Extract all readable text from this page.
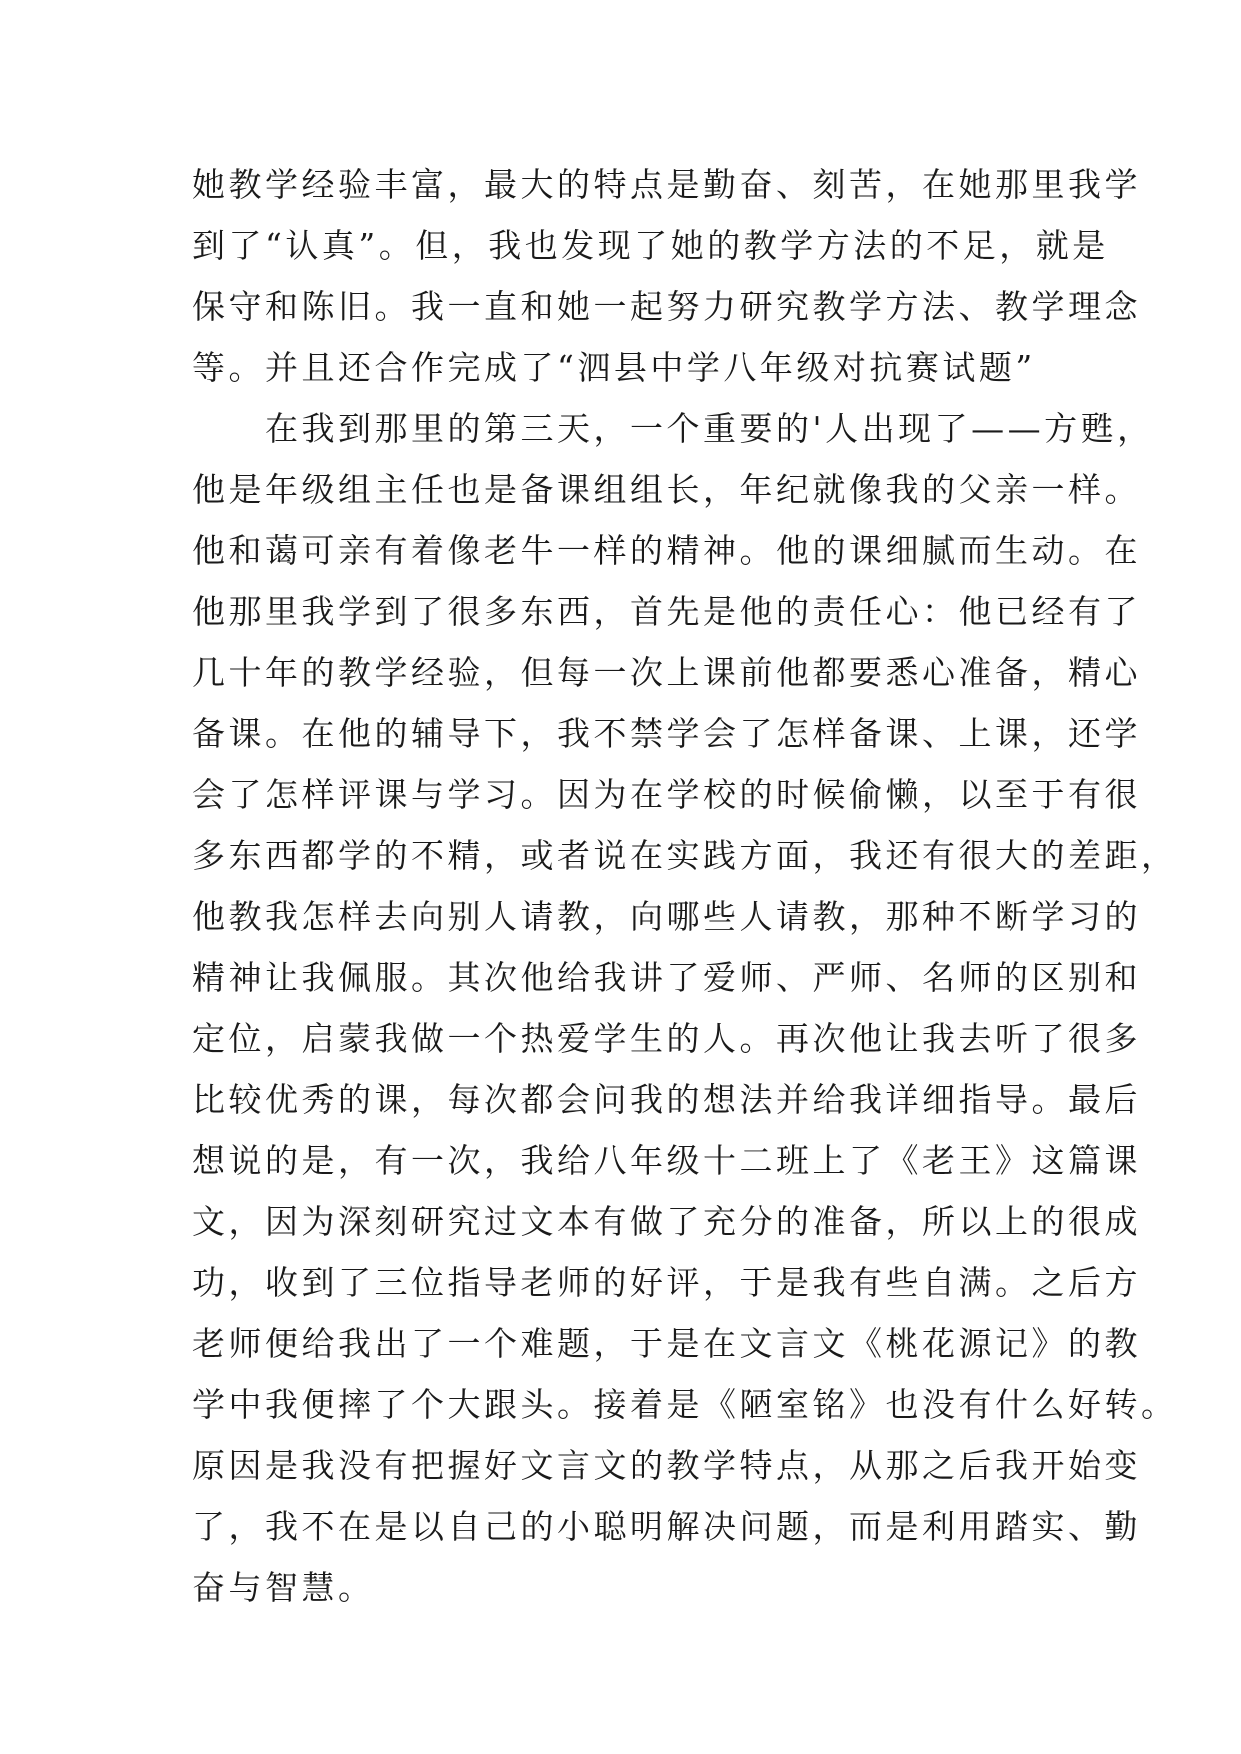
她教学经验丰富，最大的特点是勤奋、刻苦，在她那里我学
到了“认真”。但，我也发现了她的教学方法的不足，就是
保守和陈旧。我一直和她一起努力研究教学方法、教学理念
等。并且还合作完成了“泗县中学八年级对抗赛试题”
　　在我到那里的第三天，一个重要的'人出现了——方甦，
他是年级组主任也是备课组组长，年纪就像我的父亲一样。
他和蔼可亲有着像老牛一样的精神。他的课细腻而生动。在
他那里我学到了很多东西，首先是他的责任心：他已经有了
几十年的教学经验，但每一次上课前他都要悉心准备，精心
备课。在他的辅导下，我不禁学会了怎样备课、上课，还学
会了怎样评课与学习。因为在学校的时候偷懒，以至于有很
多东西都学的不精，或者说在实践方面，我还有很大的差距，
他教我怎样去向别人请教，向哪些人请教，那种不断学习的
精神让我佩服。其次他给我讲了爱师、严师、名师的区别和
定位，启蒙我做一个热爱学生的人。再次他让我去听了很多
比较优秀的课，每次都会问我的想法并给我详细指导。最后
想说的是，有一次，我给八年级十二班上了《老王》这篇课
文，因为深刻研究过文本有做了充分的准备，所以上的很成
功，收到了三位指导老师的好评，于是我有些自满。之后方
老师便给我出了一个难题，于是在文言文《桃花源记》的教
学中我便摔了个大跟头。接着是《陋室铭》也没有什么好转。
原因是我没有把握好文言文的教学特点，从那之后我开始变
了，我不在是以自己的小聪明解决问题，而是利用踏实、勤
奋与智慧。
